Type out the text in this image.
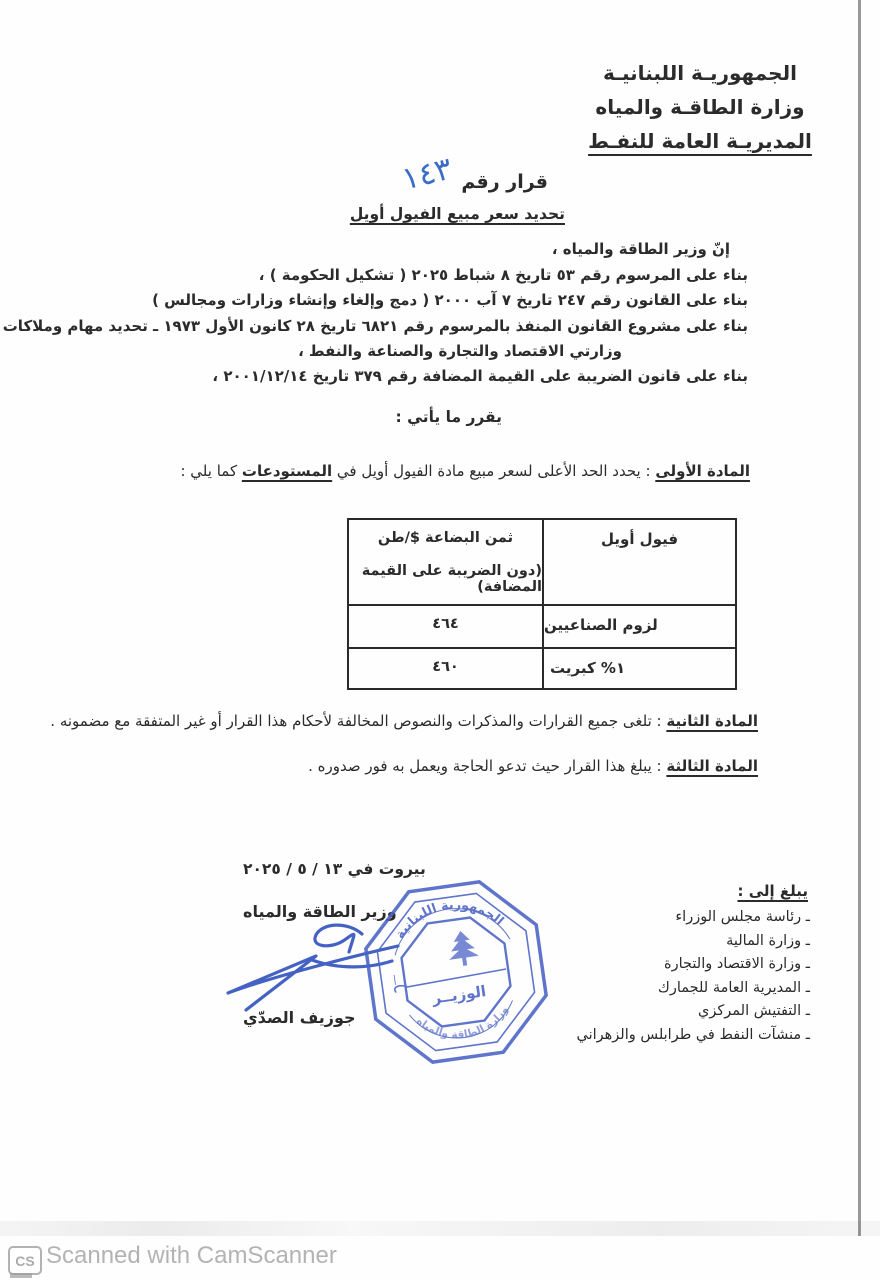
الجمهوريـة اللبنانيـة
وزارة الطاقـة والمياه
المديريـة العامة للنفـط
قرار رقم
١٤٣
تحديد سعر مبيع الفيول أويل
إنّ وزير الطاقة والمياه ،
بناء على المرسوم رقم ٥٣ تاريخ ٨ شباط ٢٠٢٥ ( تشكيل الحكومة ) ،
بناء على القانون رقم ٢٤٧ تاريخ ٧ آب ٢٠٠٠ ( دمج وإلغاء وإنشاء وزارات ومجالس )
بناء على مشروع القانون المنفذ بالمرسوم رقم ٦٨٢١ تاريخ ٢٨ كانون الأول ١٩٧٣ ـ تحديد مهام وملاكات
وزارتي الاقتصاد والتجارة والصناعة والنفط ،
بناء على قانون الضريبة على القيمة المضافة رقم ٣٧٩ تاريخ ٢٠٠١/١٢/١٤ ،
يقرر ما يأتي :
المادة الأولى : يحدد الحد الأعلى لسعر مبيع مادة الفيول أويل في المستودعات كما يلي :
فيول أويل
ثمن البضاعة $/طن
(دون الضريبة على القيمة المضافة)
لزوم الصناعيين
٤٦٤
١% كبريت
٤٦٠
المادة الثانية : تلغى جميع القرارات والمذكرات والنصوص المخالفة لأحكام هذا القرار أو غير المتفقة مع مضمونه .
المادة الثالثة : يبلغ هذا القرار حيث تدعو الحاجة ويعمل به فور صدوره .
بيروت في ١٣ / ٥ / ٢٠٢٥
يبلغ إلى :
ـ رئاسة مجلس الوزراء
ـ وزارة المالية
ـ وزارة الاقتصاد والتجارة
ـ المديرية العامة للجمارك
ـ التفتيش المركزي
ـ منشآت النفط في طرابلس والزهراني
وزير الطاقة والمياه
جوزيف الصدّي
الجمهورية اللبنانية
|
الوزيــر
وزارة الطاقة والمياه
CS Scanned with CamScanner
